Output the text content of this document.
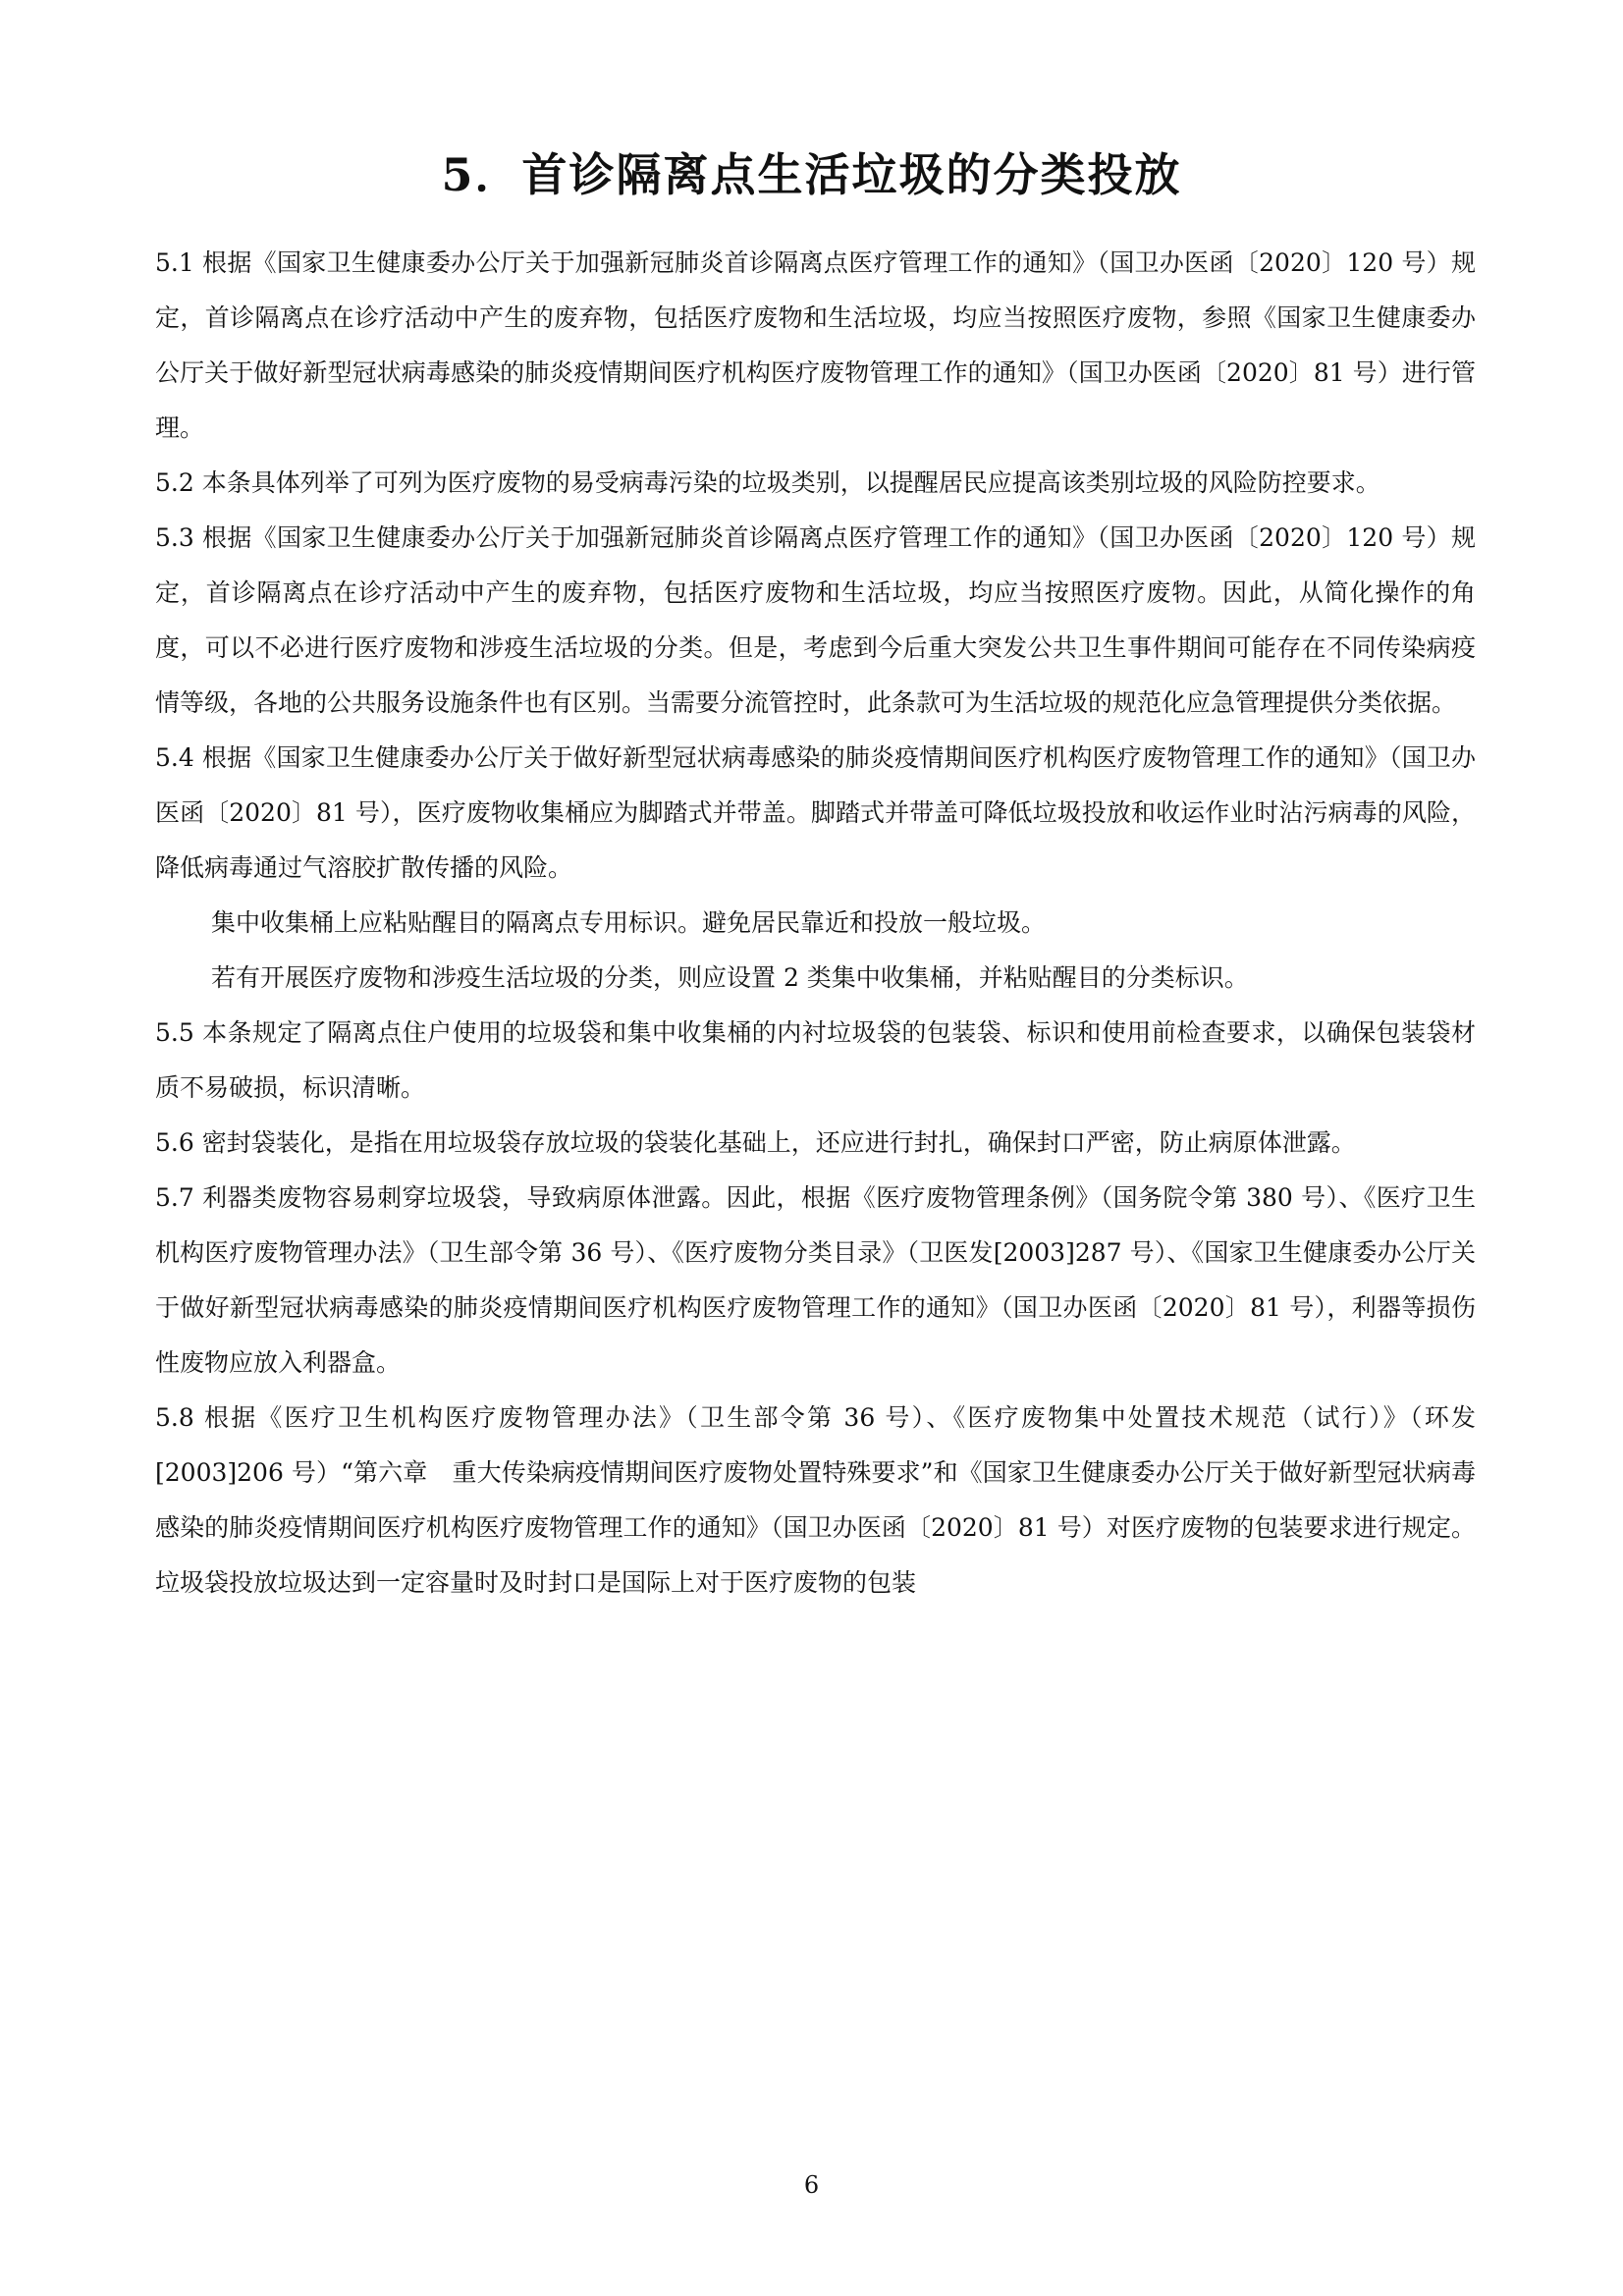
5．首诊隔离点生活垃圾的分类投放

5.1 根据《国家卫生健康委办公厅关于加强新冠肺炎首诊隔离点医疗管理工作的通知》（国卫办医函〔2020〕120 号）规定，首诊隔离点在诊疗活动中产生的废弃物，包括医疗废物和生活垃圾，均应当按照医疗废物，参照《国家卫生健康委办公厅关于做好新型冠状病毒感染的肺炎疫情期间医疗机构医疗废物管理工作的通知》（国卫办医函〔2020〕81 号）进行管理。

5.2 本条具体列举了可列为医疗废物的易受病毒污染的垃圾类别，以提醒居民应提高该类别垃圾的风险防控要求。

5.3 根据《国家卫生健康委办公厅关于加强新冠肺炎首诊隔离点医疗管理工作的通知》（国卫办医函〔2020〕120 号）规定，首诊隔离点在诊疗活动中产生的废弃物，包括医疗废物和生活垃圾，均应当按照医疗废物。因此，从简化操作的角度，可以不必进行医疗废物和涉疫生活垃圾的分类。但是，考虑到今后重大突发公共卫生事件期间可能存在不同传染病疫情等级，各地的公共服务设施条件也有区别。当需要分流管控时，此条款可为生活垃圾的规范化应急管理提供分类依据。

5.4 根据《国家卫生健康委办公厅关于做好新型冠状病毒感染的肺炎疫情期间医疗机构医疗废物管理工作的通知》（国卫办医函〔2020〕81 号），医疗废物收集桶应为脚踏式并带盖。脚踏式并带盖可降低垃圾投放和收运作业时沾污病毒的风险，降低病毒通过气溶胶扩散传播的风险。

集中收集桶上应粘贴醒目的隔离点专用标识。避免居民靠近和投放一般垃圾。

若有开展医疗废物和涉疫生活垃圾的分类，则应设置 2 类集中收集桶，并粘贴醒目的分类标识。

5.5 本条规定了隔离点住户使用的垃圾袋和集中收集桶的内衬垃圾袋的包装袋、标识和使用前检查要求，以确保包装袋材质不易破损，标识清晰。

5.6 密封袋装化，是指在用垃圾袋存放垃圾的袋装化基础上，还应进行封扎，确保封口严密，防止病原体泄露。

5.7 利器类废物容易刺穿垃圾袋，导致病原体泄露。因此，根据《医疗废物管理条例》（国务院令第 380 号）、《医疗卫生机构医疗废物管理办法》（卫生部令第 36 号）、《医疗废物分类目录》（卫医发[2003]287 号）、《国家卫生健康委办公厅关于做好新型冠状病毒感染的肺炎疫情期间医疗机构医疗废物管理工作的通知》（国卫办医函〔2020〕81 号），利器等损伤性废物应放入利器盒。

5.8 根据《医疗卫生机构医疗废物管理办法》（卫生部令第 36 号）、《医疗废物集中处置技术规范（试行）》（环发[2003]206 号）“第六章　重大传染病疫情期间医疗废物处置特殊要求”和《国家卫生健康委办公厅关于做好新型冠状病毒感染的肺炎疫情期间医疗机构医疗废物管理工作的通知》（国卫办医函〔2020〕81 号）对医疗废物的包装要求进行规定。垃圾袋投放垃圾达到一定容量时及时封口是国际上对于医疗废物的包装

6
